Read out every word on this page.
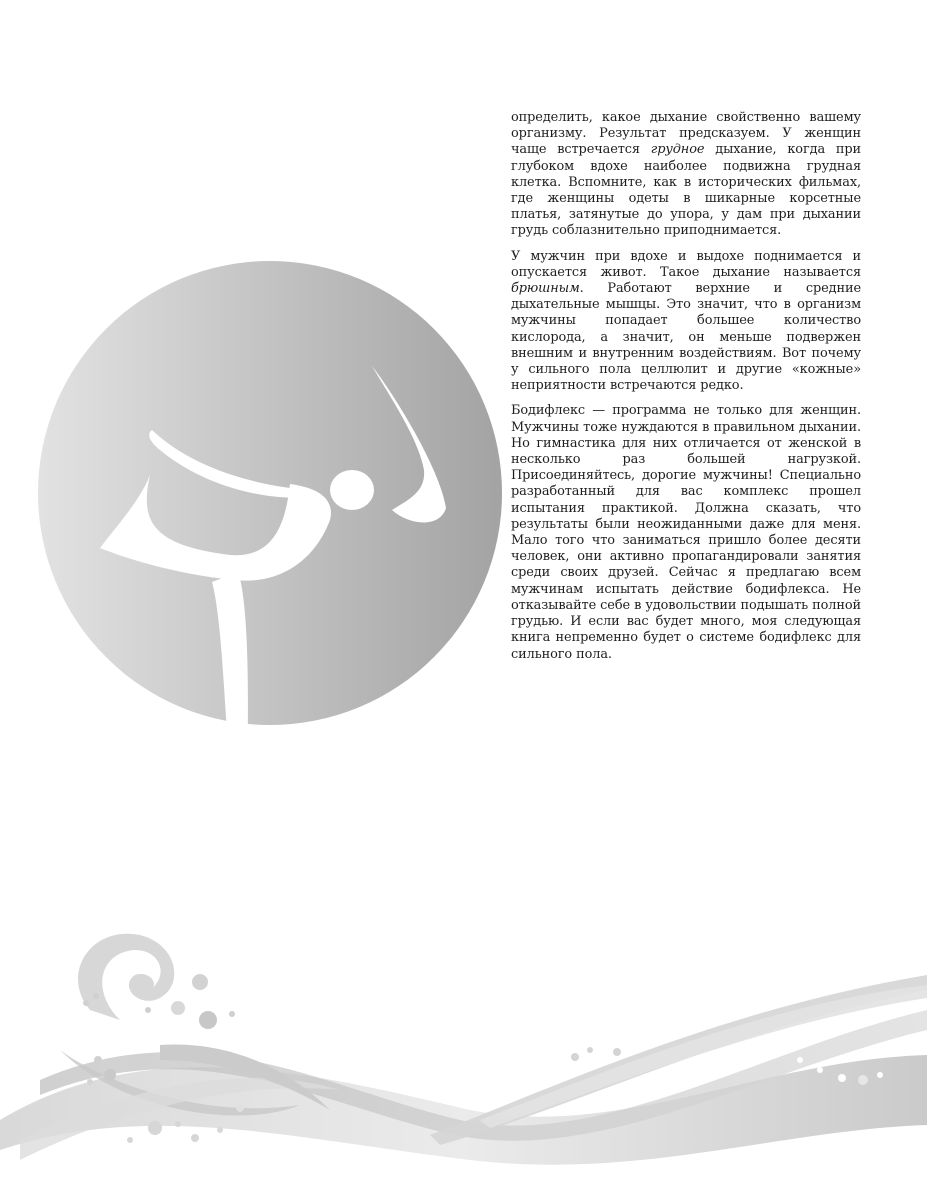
определить, какое дыхание свойственно вашему организму. Результат предсказуем. У женщин чаще встречается грудное дыхание, когда при глубоком вдохе наиболее подвижна грудная клетка. Вспомните, как в исторических фильмах, где женщины одеты в шикарные корсетные платья, затянутые до упора, у дам при дыхании грудь соблазнительно приподнимается.

У мужчин при вдохе и выдохе поднимается и опускается живот. Такое дыхание называется брюшным. Работают верхние и средние дыхательные мышцы. Это значит, что в организм мужчины попадает большее количество кислорода, а значит, он меньше подвержен внешним и внутренним воздействиям. Вот почему у сильного пола целлюлит и другие «кожные» неприятности встречаются редко.

Бодифлекс — программа не только для женщин. Мужчины тоже нуждаются в правильном дыхании. Но гимнастика для них отличается от женской в несколько раз большей нагрузкой. Присоединяйтесь, дорогие мужчины! Специально разработанный для вас комплекс прошел испытания практикой. Должна сказать, что результаты были неожиданными даже для меня. Мало того что заниматься пришло более десяти человек, они активно пропагандировали занятия среди своих друзей. Сейчас я предлагаю всем мужчинам испытать действие бодифлекса. Не отказывайте себе в удовольствии подышать полной грудью. И если вас будет много, моя следующая книга непременно будет о системе бодифлекс для сильного пола.
